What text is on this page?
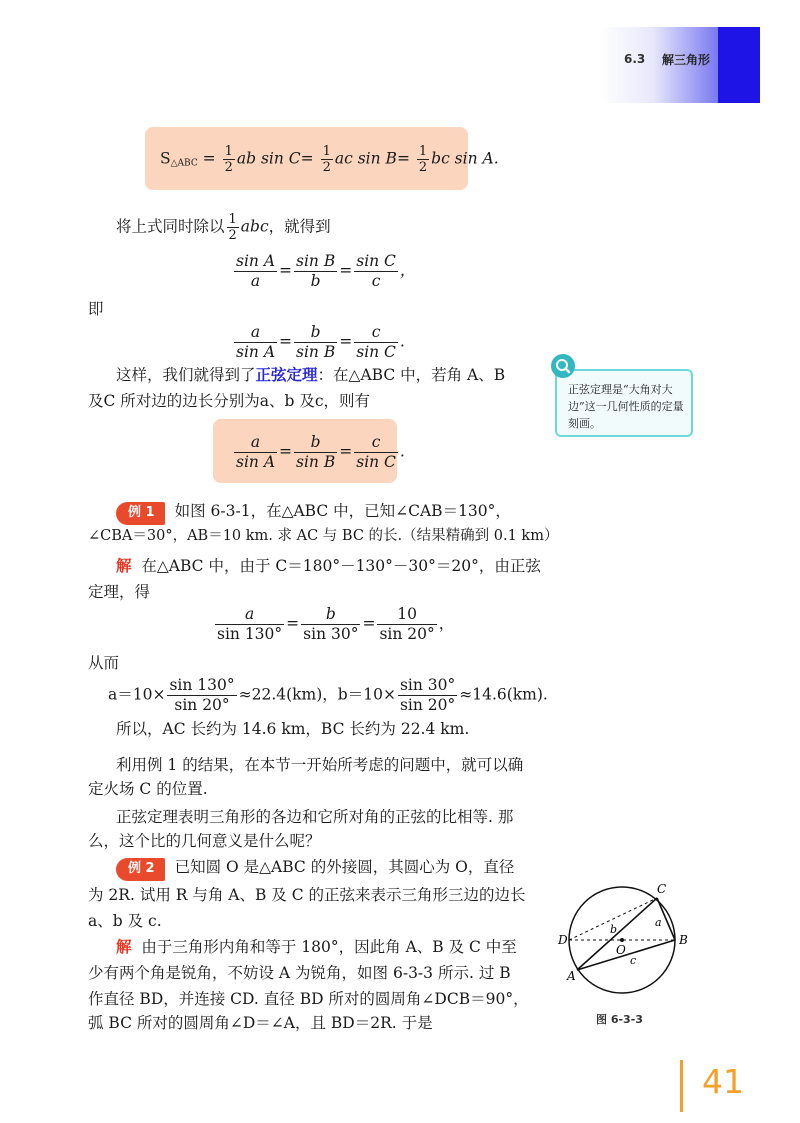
6.3 解三角形
$S_{\triangle ABC} = \frac{1}{2}$ ab $\sin C= \frac{1}{2}$ ac $\sin B= \frac{1}{2}$ bc sin A.
将上式同时除以 $\frac{1}{2}$ abc，就得到
$\frac{\text{sin A}}{a} = \frac{\text{sin B}}{b} = \frac{\text{sin C}}{c}$ ，
即
$\frac{a}{\text{sin A}} = \frac{b}{\text{sin B}} = \frac{c}{\text{sin C}}$ .
这样，我们就得到了正弦定理：在△ABC 中，若角 A、B
及C 所对边的边长分别为a、b 及c，则有
正弦定理是“大角对大边”这一几何性质的定量刻画。
$\frac{a}{\text{sin A}} = \frac{b}{\text{sin B}} = \frac{c}{\text{sin C}}$ .
例 1 如图 6-3-1，在△ABC 中，已知∠CAB＝130°，
∠CBA＝30°，AB＝10 km. 求 AC 与 BC 的长.（结果精确到 0.1 km）
解 在△ABC 中，由于 C＝180°－130°－30°＝20°，由正弦
定理，得
$\frac{a}{\sin 130^\circ} = \frac{b}{\sin 30^\circ} = \frac{10}{\sin 20^\circ}$ ，
从而
$a=10\times \frac{\sin 130^\circ}{\sin 20^\circ} \approx 22.4(km)$，$b=10\times \frac{\sin 30^\circ}{\sin 20^\circ} \approx 14.6(km)$.
所以，AC 长约为 14.6 km，BC 长约为 22.4 km.
利用例 1 的结果，在本节一开始所考虑的问题中，就可以确
定火场 C 的位置.
正弦定理表明三角形的各边和它所对角的正弦的比相等. 那
么，这个比的几何意义是什么呢？
例 2 已知圆 O 是△ABC 的外接圆，其圆心为 O，直径
为 2R. 试用 R 与角 A、B 及 C 的正弦来表示三角形三边的边长
a、b 及 c.
解 由于三角形内角和等于 180°，因此角 A、B 及 C 中至
少有两个角是锐角，不妨设 A 为锐角，如图 6-3-3 所示. 过 B
作直径 BD，并连接 CD. 直径 BD 所对的圆周角∠DCB＝90°，
弧 BC 所对的圆周角∠D＝∠A，且 BD＝2R. 于是
C
B
D
A
O
a
b
c
图 6-3-3
41
